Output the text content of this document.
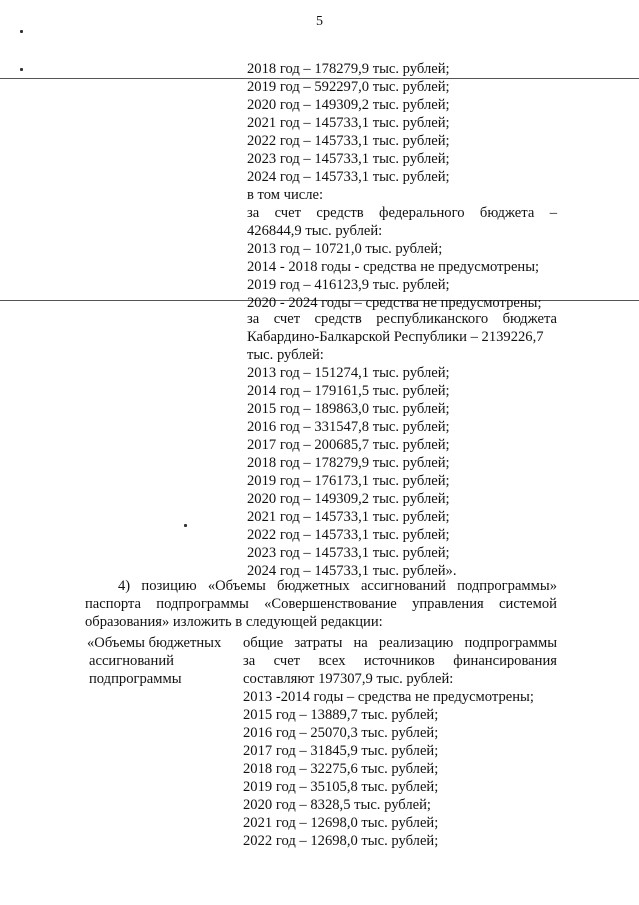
5
2018 год – 178279,9 тыс. рублей;
2019 год – 592297,0 тыс. рублей;
2020 год – 149309,2 тыс. рублей;
2021 год – 145733,1 тыс. рублей;
2022 год – 145733,1 тыс. рублей;
2023 год – 145733,1 тыс. рублей;
2024 год – 145733,1 тыс. рублей;
в том числе:
за счет средств федерального бюджета –
426844,9 тыс. рублей:
2013 год – 10721,0 тыс. рублей;
2014 - 2018 годы - средства не предусмотрены;
2019 год – 416123,9 тыс. рублей;
2020 - 2024 годы – средства не предусмотрены;
за счет средств республиканского бюджета
Кабардино-Балкарской Республики – 2139226,7
тыс. рублей:
2013 год – 151274,1 тыс. рублей;
2014 год – 179161,5 тыс. рублей;
2015 год – 189863,0 тыс. рублей;
2016 год – 331547,8 тыс. рублей;
2017 год – 200685,7 тыс. рублей;
2018 год – 178279,9 тыс. рублей;
2019 год – 176173,1 тыс. рублей;
2020 год – 149309,2 тыс. рублей;
2021 год – 145733,1 тыс. рублей;
2022 год – 145733,1 тыс. рублей;
2023 год – 145733,1 тыс. рублей;
2024 год – 145733,1 тыс. рублей».
4) позицию «Объемы бюджетных ассигнований подпрограммы»
паспорта подпрограммы «Совершенствование управления системой
образования» изложить в следующей редакции:
«Объемы бюджетных
ассигнований
подпрограммы
общие затраты на реализацию подпрограммы
за счет всех источников финансирования
составляют 197307,9 тыс. рублей:
2013 -2014 годы – средства не предусмотрены;
2015 год – 13889,7 тыс. рублей;
2016 год – 25070,3 тыс. рублей;
2017 год – 31845,9 тыс. рублей;
2018 год – 32275,6 тыс. рублей;
2019 год – 35105,8 тыс. рублей;
2020 год – 8328,5 тыс. рублей;
2021 год – 12698,0 тыс. рублей;
2022 год – 12698,0 тыс. рублей;
